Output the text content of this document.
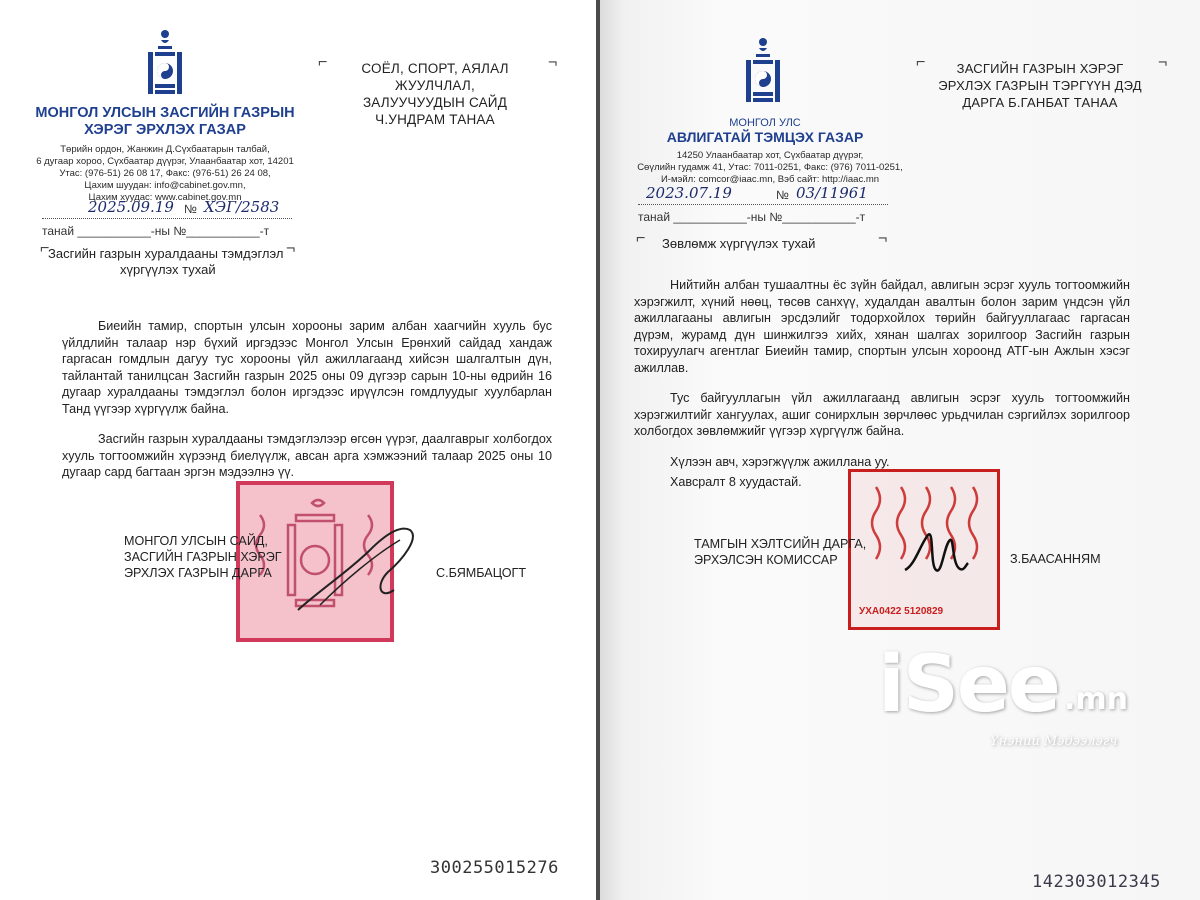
МОНГОЛ УЛСЫН ЗАСГИЙН ГАЗРЫН
ХЭРЭГ ЭРХЛЭХ ГАЗАР
Төрийн ордон, Жанжин Д.Сүхбаатарын талбай,
6 дугаар хороо, Сүхбаатар дүүрэг, Улаанбаатар хот, 14201
Утас: (976-51) 26 08 17, Факс: (976-51) 26 24 08,
Цахим шуудан: info@cabinet.gov.mn,
Цахим хуудас: www.cabinet.gov.mn
⌐	¬
СОЁЛ, СПОРТ, АЯЛАЛ ЖУУЛЧЛАЛ,
ЗАЛУУЧУУДЫН САЙД
Ч.УНДРАМ ТАНАА
2025.09.19 № ХЭГ/2583
танай ___________-ны №___________-т
⌐	¬
Засгийн газрын хуралдааны тэмдэглэл
хүргүүлэх тухай

Биеийн тамир, спортын улсын хорооны зарим албан хаагчийн хууль бус үйлдлийн талаар нэр бүхий иргэдээс Монгол Улсын Ерөнхий сайдад хандаж гаргасан гомдлын дагуу тус хорооны үйл ажиллагаанд хийсэн шалгалтын дүн, тайлантай танилцсан Засгийн газрын 2025 оны 09 дүгээр сарын 10-ны өдрийн 16 дугаар хуралдааны тэмдэглэл болон иргэдээс ирүүлсэн гомдлуудыг хуулбарлан Танд үүгээр хүргүүлж байна.

Засгийн газрын хуралдааны тэмдэглэлээр өгсөн үүрэг, даалгаврыг холбогдох хууль тогтоомжийн хүрээнд биелүүлж, авсан арга хэмжээний талаар 2025 оны 10 дугаар сард багтаан эргэн мэдээлнэ үү.

МОНГОЛ УЛСЫН САЙД,
ЗАСГИЙН ГАЗРЫН ХЭРЭГ
ЭРХЛЭХ ГАЗРЫН ДАРГА	С.БЯМБАЦОГТ
300255015276
МОНГОЛ УЛС
АВЛИГАТАЙ ТЭМЦЭХ ГАЗАР
14250 Улаанбаатар хот, Сүхбаатар дүүрэг,
Сөүлийн гудамж 41, Утас: 7011-0251, Факс: (976) 7011-0251,
И-мэйл: comcor@iaac.mn, Вэб сайт: http://iaac.mn
⌐	¬
ЗАСГИЙН ГАЗРЫН ХЭРЭГ
ЭРХЛЭХ ГАЗРЫН ТЭРГҮҮН ДЭД
ДАРГА Б.ГАНБАТ ТАНАА
2023.07.19	№ 03/11961
танай ___________-ны №___________-т
⌐	¬
Зөвлөмж хүргүүлэх тухай

Нийтийн албан тушаалтны ёс зүйн байдал, авлигын эсрэг хууль тогтоомжийн хэрэгжилт, хүний нөөц, төсөв санхүү, худалдан авалтын болон зарим үндсэн үйл ажиллагааны авлигын эрсдэлийг тодорхойлох төрийн байгууллагаас гаргасан дүрэм, журамд дүн шинжилгээ хийх, хянан шалгах зорилгоор Засгийн газрын тохируулагч агентлаг Биеийн тамир, спортын улсын хороонд АТГ-ын Ажлын хэсэг ажиллав.

Тус байгууллагын үйл ажиллагаанд авлигын эсрэг хууль тогтоомжийн хэрэгжилтийг хангуулах, ашиг сонирхлын зөрчлөөс урьдчилан сэргийлэх зорилгоор холбогдох зөвлөмжийг үүгээр хүргүүлж байна.

Хүлээн авч, хэрэгжүүлж ажиллана уу.

Хавсралт 8 хуудастай.

УХА0422 5120829
ТАМГЫН ХЭЛТСИЙН ДАРГА,
ЭРХЭЛСЭН КОМИССАР	З.БААСАННЯМ
142303012345
iSee .mn
Үнэний Мэдээлэгч
